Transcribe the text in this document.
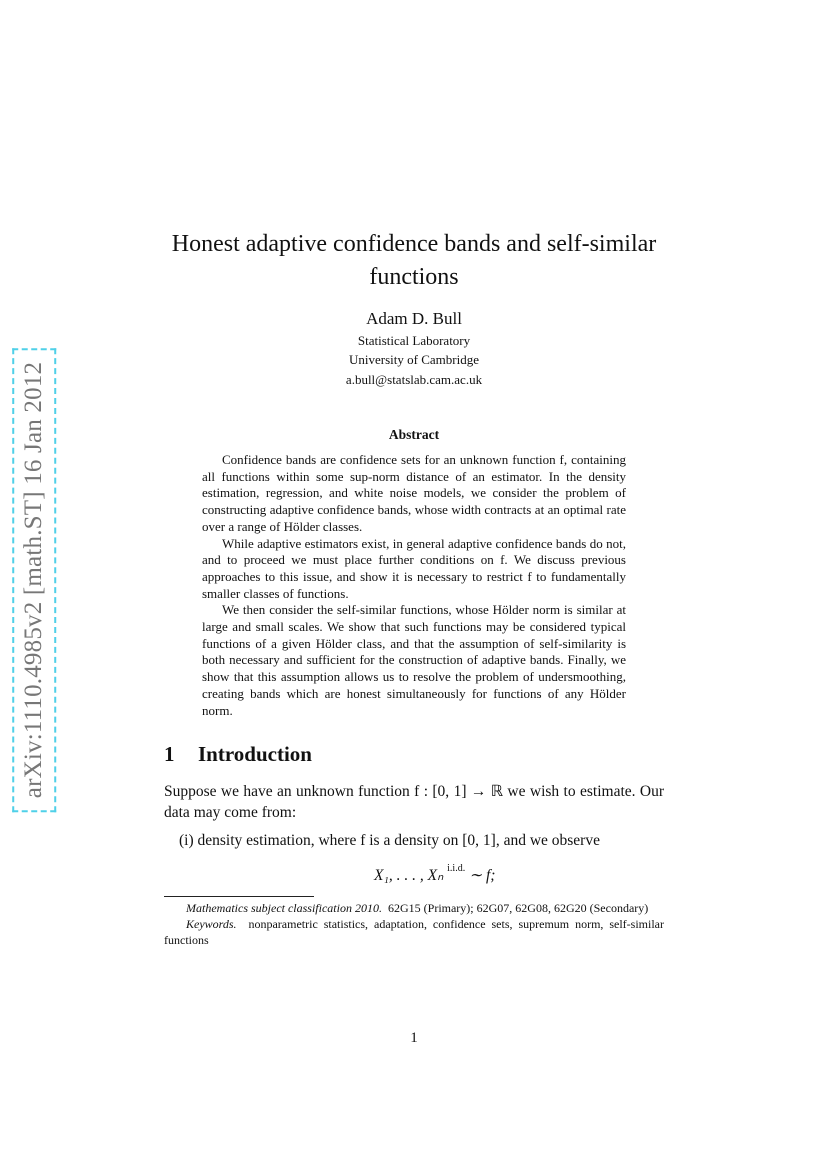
arXiv:1110.4985v2 [math.ST] 16 Jan 2012
Honest adaptive confidence bands and self-similar functions
Adam D. Bull
Statistical Laboratory
University of Cambridge
a.bull@statslab.cam.ac.uk
Abstract

Confidence bands are confidence sets for an unknown function f, containing all functions within some sup-norm distance of an estimator. In the density estimation, regression, and white noise models, we consider the problem of constructing adaptive confidence bands, whose width contracts at an optimal rate over a range of Hölder classes.

While adaptive estimators exist, in general adaptive confidence bands do not, and to proceed we must place further conditions on f. We discuss previous approaches to this issue, and show it is necessary to restrict f to fundamentally smaller classes of functions.

We then consider the self-similar functions, whose Hölder norm is similar at large and small scales. We show that such functions may be considered typical functions of a given Hölder class, and that the assumption of self-similarity is both necessary and sufficient for the construction of adaptive bands. Finally, we show that this assumption allows us to resolve the problem of undersmoothing, creating bands which are honest simultaneously for functions of any Hölder norm.

1 Introduction
Suppose we have an unknown function f : [0, 1] → ℝ we wish to estimate. Our data may come from:
(i) density estimation, where f is a density on [0, 1], and we observe
X₁, . . . , Xₙ $^{i.i.d.}$ ∼ f;

Mathematics subject classification 2010. 62G15 (Primary); 62G07, 62G08, 62G20 (Secondary)

Keywords. nonparametric statistics, adaptation, confidence sets, supremum norm, self-similar functions

1
